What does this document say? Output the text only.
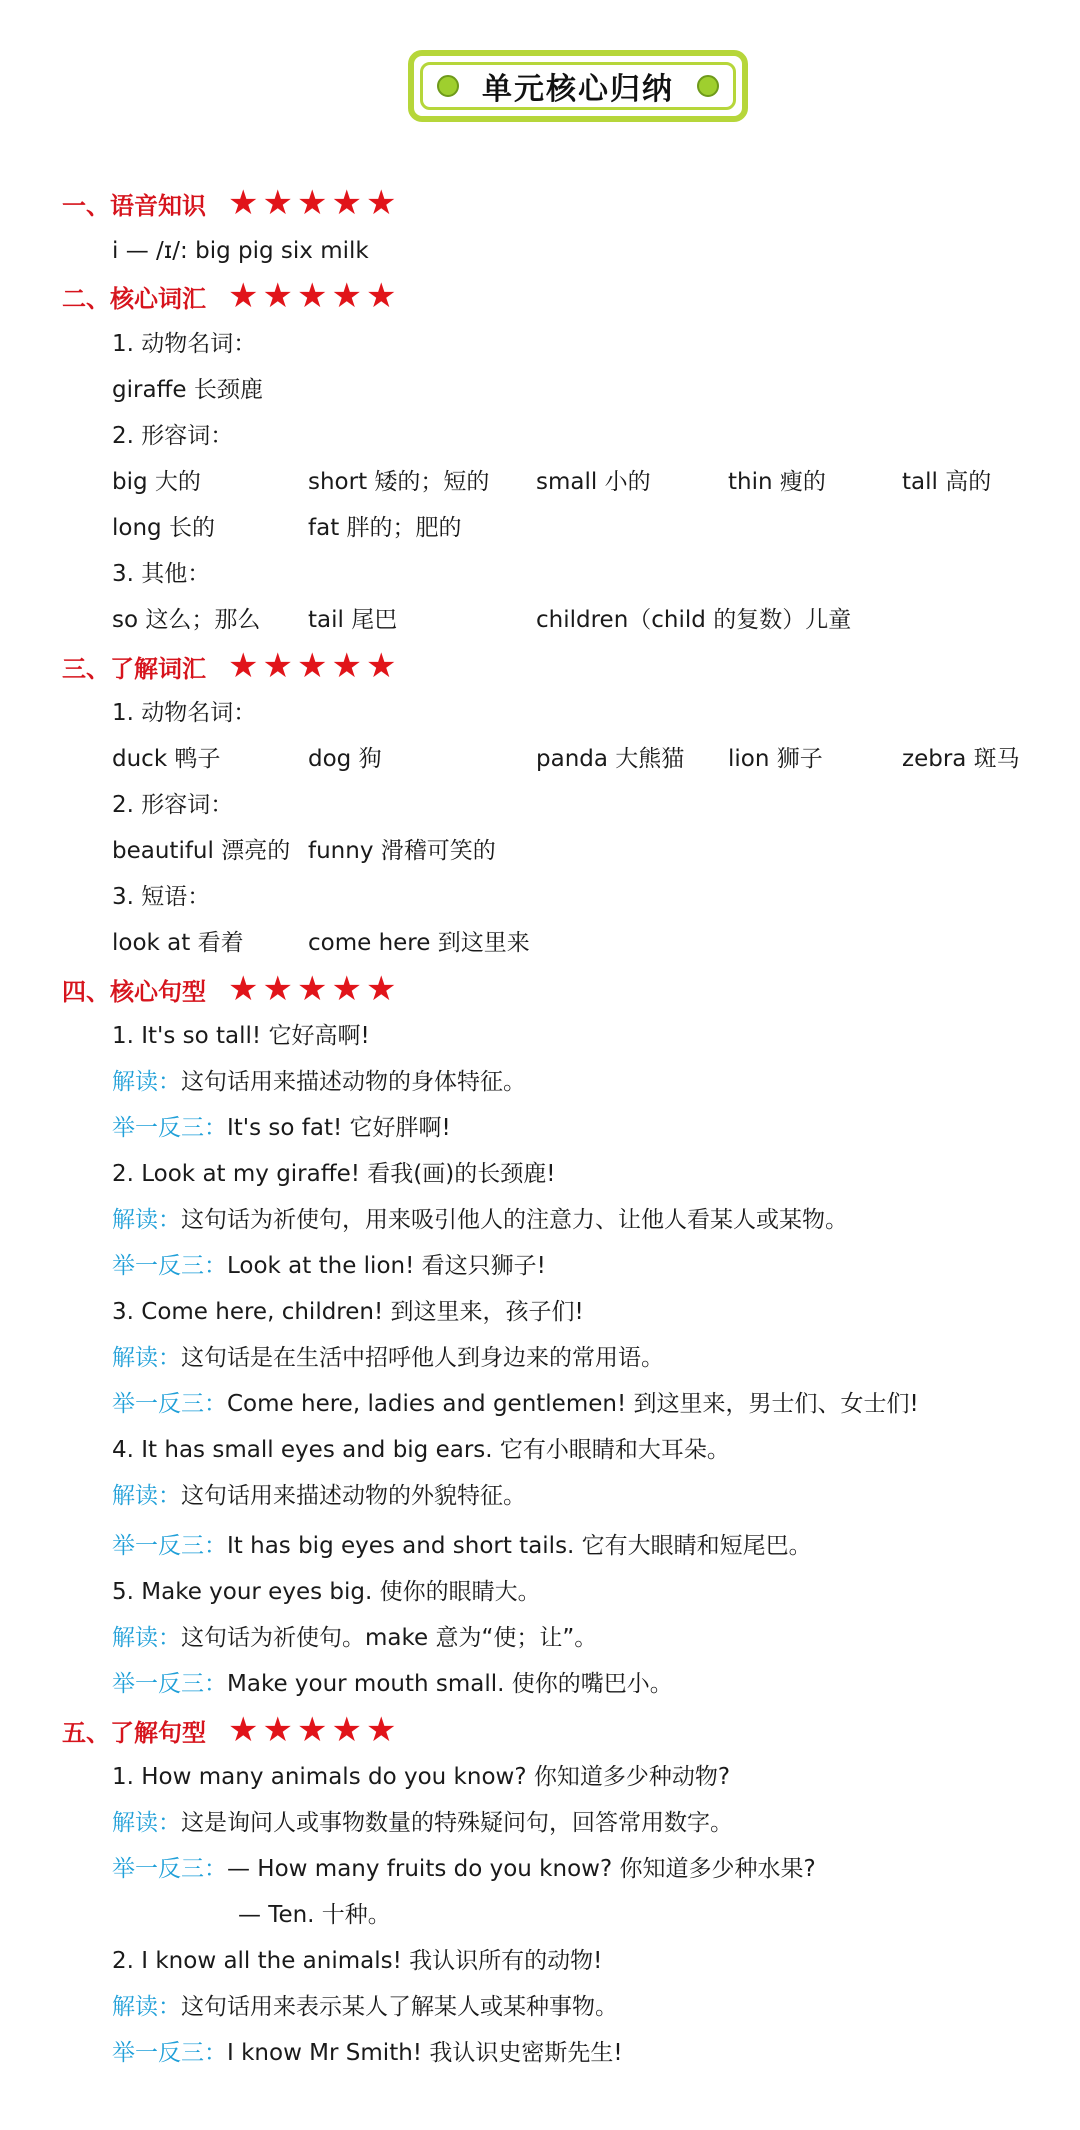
单元核心归纳
一、语音知识 ★ ★ ★ ★ ★
i — /ɪ/: big pig six milk
二、核心词汇 ★ ★ ★ ★ ★
1. 动物名词：
giraffe 长颈鹿
2. 形容词：
big 大的	short 矮的；短的 small 小的	thin 瘦的	tall 高的
long 长的	fat 胖的；肥的
3. 其他：
so 这么；那么 tail 尾巴	children（child 的复数）儿童
三、了解词汇 ★ ★ ★ ★ ★
1. 动物名词：
duck 鸭子	dog 狗	panda 大熊猫 lion 狮子	zebra 斑马
2. 形容词：
beautiful 漂亮的 funny 滑稽可笑的
3. 短语：
look at 看着	come here 到这里来
四、核心句型 ★ ★ ★ ★ ★
1. It's so tall! 它好高啊!
解读：这句话用来描述动物的身体特征。
举一反三：It's so fat! 它好胖啊!
2. Look at my giraffe! 看我(画)的长颈鹿!
解读：这句话为祈使句，用来吸引他人的注意力、让他人看某人或某物。
举一反三：Look at the lion! 看这只狮子!
3. Come here, children! 到这里来，孩子们!
解读：这句话是在生活中招呼他人到身边来的常用语。
举一反三：Come here, ladies and gentlemen! 到这里来，男士们、女士们!
4. It has small eyes and big ears. 它有小眼睛和大耳朵。
解读：这句话用来描述动物的外貌特征。
举一反三：It has big eyes and short tails. 它有大眼睛和短尾巴。
5. Make your eyes big. 使你的眼睛大。
解读：这句话为祈使句。make 意为“使；让”。
举一反三：Make your mouth small. 使你的嘴巴小。
五、了解句型 ★ ★ ★ ★ ★
1. How many animals do you know? 你知道多少种动物?
解读：这是询问人或事物数量的特殊疑问句，回答常用数字。
举一反三：— How many fruits do you know? 你知道多少种水果?
— Ten. 十种。
2. I know all the animals! 我认识所有的动物!
解读：这句话用来表示某人了解某人或某种事物。
举一反三：I know Mr Smith! 我认识史密斯先生!
